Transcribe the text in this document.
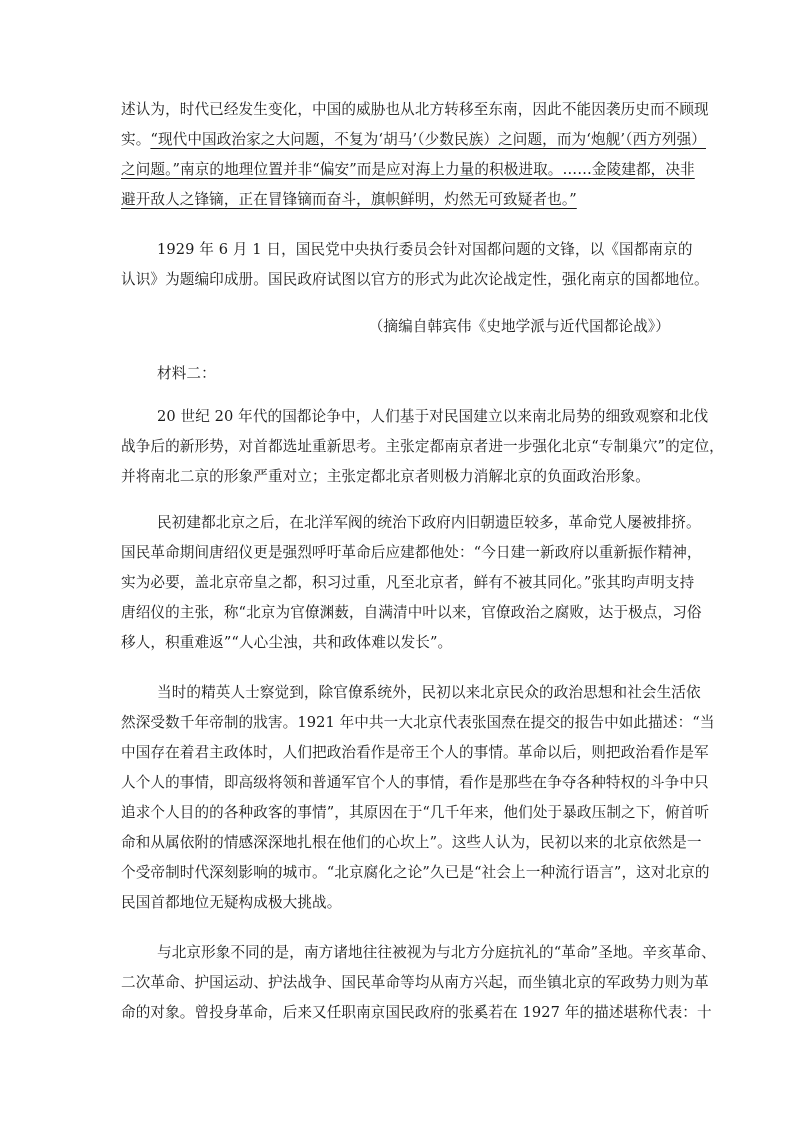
述认为，时代已经发生变化，中国的威胁也从北方转移至东南，因此不能因袭历史而不顾现
实。“现代中国政治家之大问题，不复为‘胡马’（少数民族）之问题，而为‘炮舰’（西方列强）
之问题。”南京的地理位置并非“偏安”而是应对海上力量的积极进取。……金陵建都，决非
避开敌人之锋镝，正在冒锋镝而奋斗，旗帜鲜明，灼然无可致疑者也。”
1929 年 6 月 1 日，国民党中央执行委员会针对国都问题的文锋，以《国都南京的
认识》为题编印成册。国民政府试图以官方的形式为此次论战定性，强化南京的国都地位。
（摘编自韩宾伟《史地学派与近代国都论战》）
材料二：
20 世纪 20 年代的国都论争中，人们基于对民国建立以来南北局势的细致观察和北伐
战争后的新形势，对首都选址重新思考。主张定都南京者进一步强化北京“专制巢穴”的定位，
并将南北二京的形象严重对立；主张定都北京者则极力消解北京的负面政治形象。
民初建都北京之后，在北洋军阀的统治下政府内旧朝遗臣较多，革命党人屡被排挤。
国民革命期间唐绍仪更是强烈呼吁革命后应建都他处：“今日建一新政府以重新振作精神，
实为必要，盖北京帝皇之都，积习过重，凡至北京者，鲜有不被其同化。”张其昀声明支持
唐绍仪的主张，称“北京为官僚渊薮，自满清中叶以来，官僚政治之腐败，达于极点，习俗
移人，积重难返”“人心尘浊，共和政体难以发长”。
当时的精英人士察觉到，除官僚系统外，民初以来北京民众的政治思想和社会生活依
然深受数千年帝制的戕害。1921 年中共一大北京代表张国焘在提交的报告中如此描述：“当
中国存在着君主政体时，人们把政治看作是帝王个人的事情。革命以后，则把政治看作是军
人个人的事情，即高级将领和普通军官个人的事情，看作是那些在争夺各种特权的斗争中只
追求个人目的的各种政客的事情”，其原因在于“几千年来，他们处于暴政压制之下，俯首听
命和从属依附的情感深深地扎根在他们的心坎上”。这些人认为，民初以来的北京依然是一
个受帝制时代深刻影响的城市。“北京腐化之论”久已是“社会上一种流行语言”，这对北京的
民国首都地位无疑构成极大挑战。
与北京形象不同的是，南方诸地往往被视为与北方分庭抗礼的“革命”圣地。辛亥革命、
二次革命、护国运动、护法战争、国民革命等均从南方兴起，而坐镇北京的军政势力则为革
命的对象。曾投身革命，后来又任职南京国民政府的张奚若在 1927 年的描述堪称代表：十
